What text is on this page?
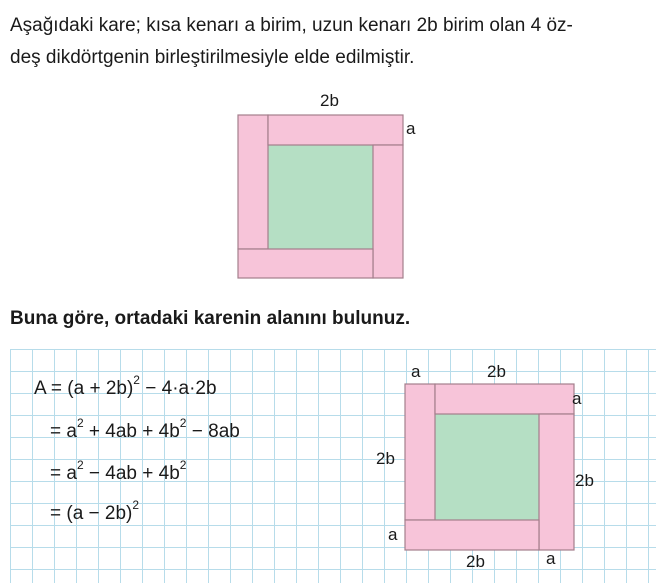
Aşağıdaki kare; kısa kenarı a birim, uzun kenarı 2b birim olan 4 öz-
deş dikdörtgenin birleştirilmesiyle elde edilmiştir.

2b
a

Buna göre, ortadaki karenin alanını bulunuz.

$A = (a + 2b)^2 - 4\cdot a\cdot 2b$
= $a^2 + 4ab + 4b^2 - 8ab$
= $a^2 - 4ab + 4b^2$
= $(a - 2b)^2$
a	2b
a
2b
2b
a
2b	a
